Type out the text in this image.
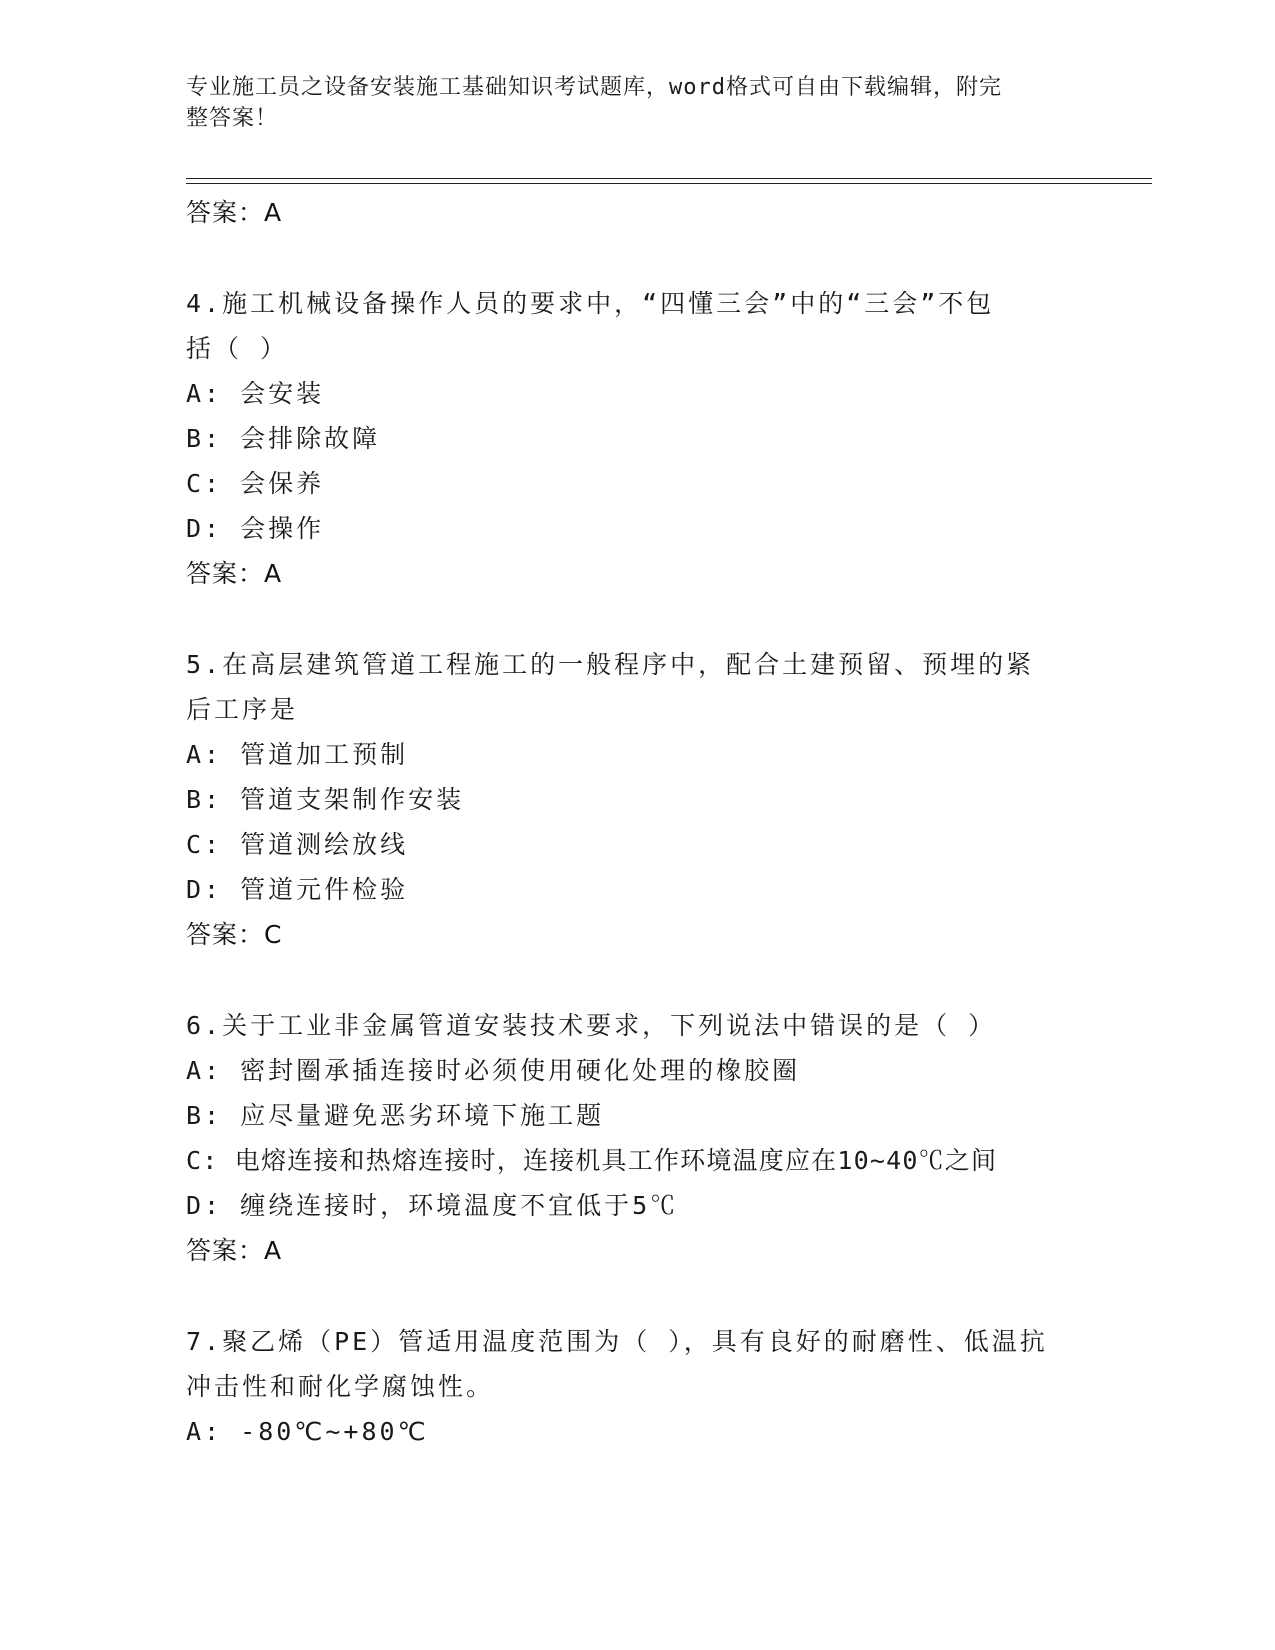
专业施工员之设备安装施工基础知识考试题库，word格式可自由下载编辑，附完
整答案！
答案：A
4.施工机械设备操作人员的要求中，“四懂三会”中的“三会”不包
括（ ）
A: 会安装
B: 会排除故障
C: 会保养
D: 会操作
答案：A
5.在高层建筑管道工程施工的一般程序中，配合土建预留、预埋的紧
后工序是
A: 管道加工预制
B: 管道支架制作安装
C: 管道测绘放线
D: 管道元件检验
答案：C
6.关于工业非金属管道安装技术要求，下列说法中错误的是（ ）
A: 密封圈承插连接时必须使用硬化处理的橡胶圈
B: 应尽量避免恶劣环境下施工题
C: 电熔连接和热熔连接时，连接机具工作环境温度应在10~40℃之间
D: 缠绕连接时，环境温度不宜低于5℃
答案：A
7.聚乙烯（PE）管适用温度范围为（ ），具有良好的耐磨性、低温抗
冲击性和耐化学腐蚀性。
A: -80℃~+80℃
